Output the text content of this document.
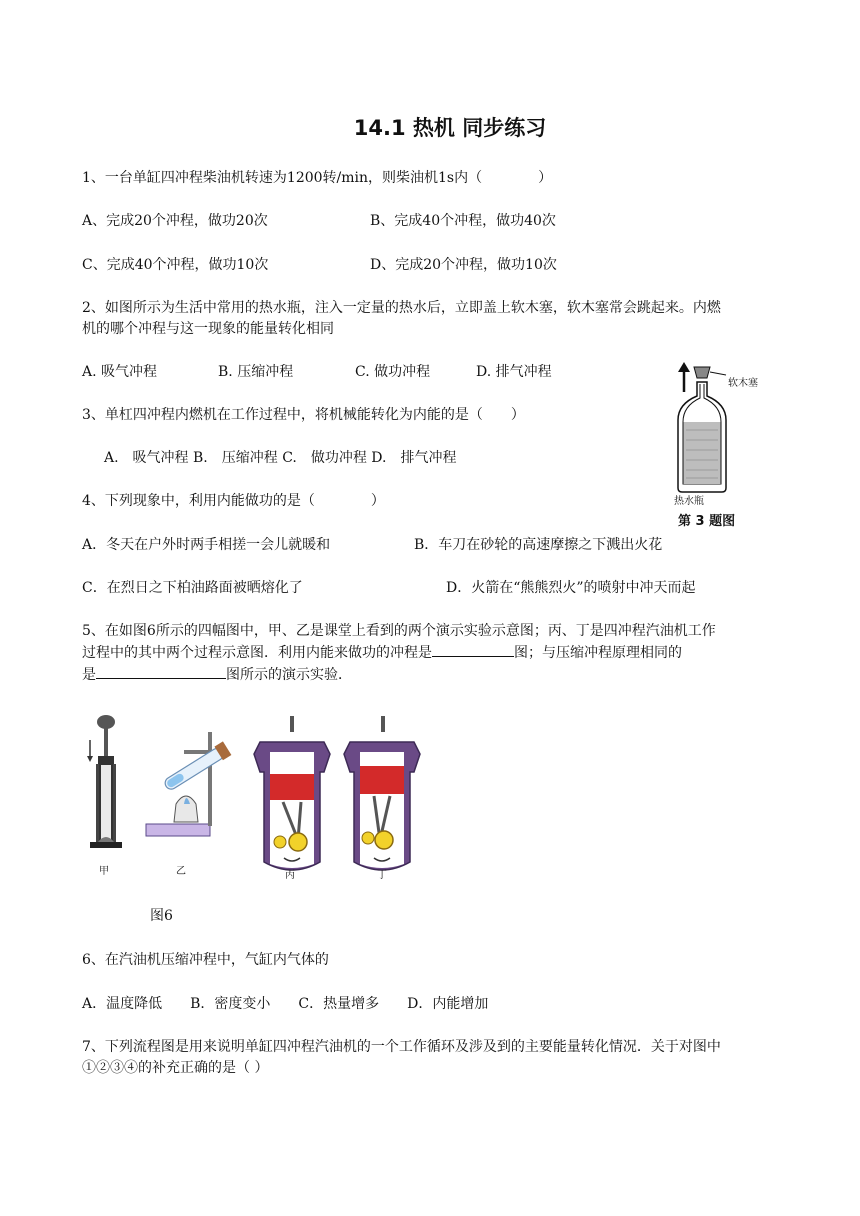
14.1 热机 同步练习
1、一台单缸四冲程柴油机转速为1200转/min，则柴油机1s内（　　　　）
A、完成20个冲程，做功20次	B、完成40个冲程，做功40次
C、完成40个冲程，做功10次	D、完成20个冲程，做功10次
2、如图所示为生活中常用的热水瓶，注入一定量的热水后，立即盖上软木塞，软木塞常会跳起来。内燃
机的哪个冲程与这一现象的能量转化相同
A. 吸气冲程	B. 压缩冲程	C. 做功冲程	D. 排气冲程
软木塞
热水瓶
第 3 题图
3、单杠四冲程内燃机在工作过程中，将机械能转化为内能的是（　　）
A.　吸气冲程 B.　压缩冲程 C.　做功冲程 D.　排气冲程
4、下列现象中，利用内能做功的是（　　　　）
A．冬天在户外时两手相搓一会儿就暖和	B．车刀在砂轮的高速摩擦之下溅出火花
C．在烈日之下柏油路面被晒熔化了	D．火箭在“熊熊烈火”的喷射中冲天而起
5、在如图6所示的四幅图中，甲、乙是课堂上看到的两个演示实验示意图；丙、丁是四冲程汽油机工作
过程中的其中两个过程示意图．利用内能来做功的冲程是	图；与压缩冲程原理相同的
是	图所示的演示实验．
甲	乙	丙	丁
图6
6、在汽油机压缩冲程中，气缸内气体的
A．温度降低　　B．密度变小　　C．热量增多　　D．内能增加
7、下列流程图是用来说明单缸四冲程汽油机的一个工作循环及涉及到的主要能量转化情况．关于对图中
①②③④的补充正确的是（ ）
